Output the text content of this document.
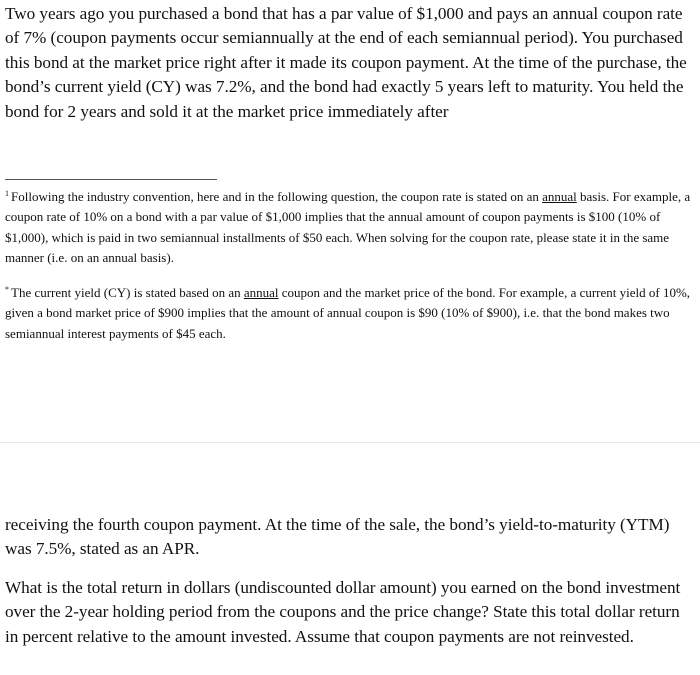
Two years ago you purchased a bond that has a par value of $1,000 and pays an annual coupon rate of 7% (coupon payments occur semiannually at the end of each semiannual period). You purchased this bond at the market price right after it made its coupon payment. At the time of the purchase, the bond’s current yield (CY) was 7.2%, and the bond had exactly 5 years left to maturity. You held the bond for 2 years and sold it at the market price immediately after

$^1$ Following the industry convention, here and in the following question, the coupon rate is stated on an annual basis. For example, a coupon rate of 10% on a bond with a par value of $1,000 implies that the annual amount of coupon payments is $100 (10% of $1,000), which is paid in two semiannual installments of $50 each. When solving for the coupon rate, please state it in the same manner (i.e. on an annual basis).

* The current yield (CY) is stated based on an annual coupon and the market price of the bond. For example, a current yield of 10%, given a bond market price of $900 implies that the amount of annual coupon is $90 (10% of $900), i.e. that the bond makes two semiannual interest payments of $45 each.

receiving the fourth coupon payment. At the time of the sale, the bond’s yield-to-maturity (YTM) was 7.5%, stated as an APR.

What is the total return in dollars (undiscounted dollar amount) you earned on the bond investment over the 2-year holding period from the coupons and the price change? State this total dollar return in percent relative to the amount invested. Assume that coupon payments are not reinvested.
